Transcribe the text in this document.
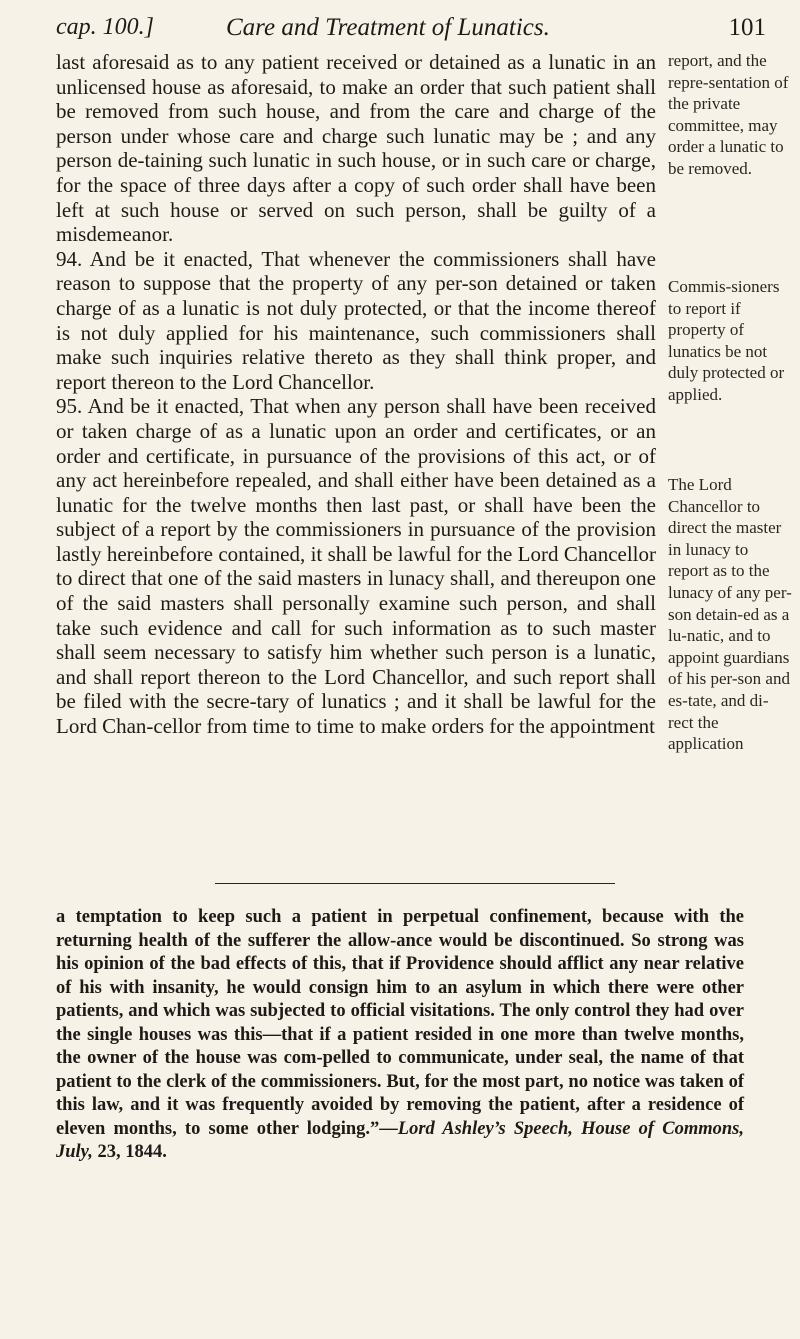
cap. 100.]	Care and Treatment of Lunatics.	101

last aforesaid as to any patient received or detained as a lunatic in an unlicensed house as aforesaid, to make an order that such patient shall be removed from such house, and from the care and charge of the person under whose care and charge such lunatic may be ; and any person de-taining such lunatic in such house, or in such care or charge, for the space of three days after a copy of such order shall have been left at such house or served on such person, shall be guilty of a misdemeanor.

94. And be it enacted, That whenever the commissioners shall have reason to suppose that the property of any per-son detained or taken charge of as a lunatic is not duly protected, or that the income thereof is not duly applied for his maintenance, such commissioners shall make such inquiries relative thereto as they shall think proper, and report thereon to the Lord Chancellor.

95. And be it enacted, That when any person shall have been received or taken charge of as a lunatic upon an order and certificates, or an order and certificate, in pursuance of the provisions of this act, or of any act hereinbefore repealed, and shall either have been detained as a lunatic for the twelve months then last past, or shall have been the subject of a report by the commissioners in pursuance of the provision lastly hereinbefore contained, it shall be lawful for the Lord Chancellor to direct that one of the said masters in lunacy shall, and thereupon one of the said masters shall personally examine such person, and shall take such evidence and call for such information as to such master shall seem necessary to satisfy him whether such person is a lunatic, and shall report thereon to the Lord Chancellor, and such report shall be filed with the secre-tary of lunatics ; and it shall be lawful for the Lord Chan-cellor from time to time to make orders for the appointment

report, and the repre-sentation of the private committee, may order a lunatic to be removed.
Commis-sioners to report if property of lunatics be not duly protected or applied.
The Lord Chancellor to direct the master in lunacy to report as to the lunacy of any per-son detain-ed as a lu-natic, and to appoint guardians of his per-son and es-tate, and di-rect the application
a temptation to keep such a patient in perpetual confinement, because with the returning health of the sufferer the allow-ance would be discontinued. So strong was his opinion of the bad effects of this, that if Providence should afflict any near relative of his with insanity, he would consign him to an asylum in which there were other patients, and which was subjected to official visitations. The only control they had over the single houses was this—that if a patient resided in one more than twelve months, the owner of the house was com-pelled to communicate, under seal, the name of that patient to the clerk of the commissioners. But, for the most part, no notice was taken of this law, and it was frequently avoided by removing the patient, after a residence of eleven months, to some other lodging.”—Lord Ashley’s Speech, House of Commons, July, 23, 1844.
